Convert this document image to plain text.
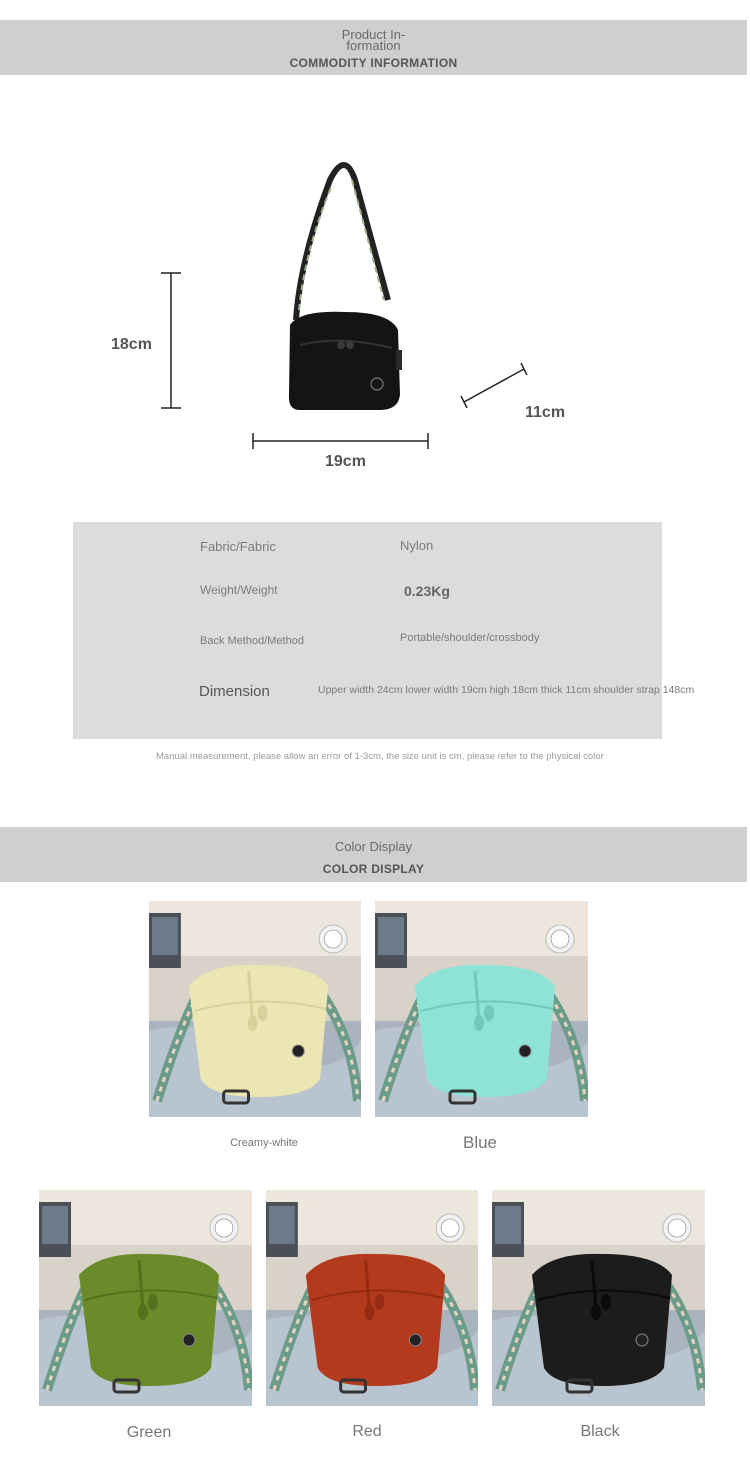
Product In-
formation
COMMODITY INFORMATION
18cm
19cm
11cm
Fabric/Fabric	Nylon
Weight/Weight	0.23Kg
Back Method/Method	Portable/shoulder/crossbody
Dimension	Upper width 24cm lower width 19cm high 18cm thick 11cm shoulder strap 148cm
Manual measurement, please allow an error of 1-3cm, the size unit is cm, please refer to the physical color
Color Display
COLOR DISPLAY
Creamy-white	Blue
Green	Red	Black
